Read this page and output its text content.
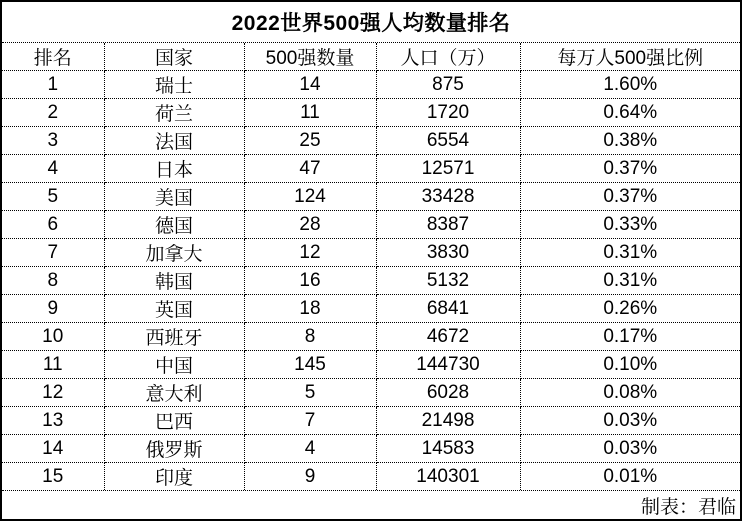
2022世界500强人均数量排名
排名	国家	500强数量	人口（万）	每万人500强比例
1	瑞士	14	875	1.60%
2	荷兰	11	1720	0.64%
3	法国	25	6554	0.38%
4	日本	47	12571	0.37%
5	美国	124	33428	0.37%
6	德国	28	8387	0.33%
7	加拿大	12	3830	0.31%
8	韩国	16	5132	0.31%
9	英国	18	6841	0.26%
10	西班牙	8	4672	0.17%
11	中国	145	144730	0.10%
12	意大利	5	6028	0.08%
13	巴西	7	21498	0.03%
14	俄罗斯	4	14583	0.03%
15	印度	9	140301	0.01%
制表：君临
